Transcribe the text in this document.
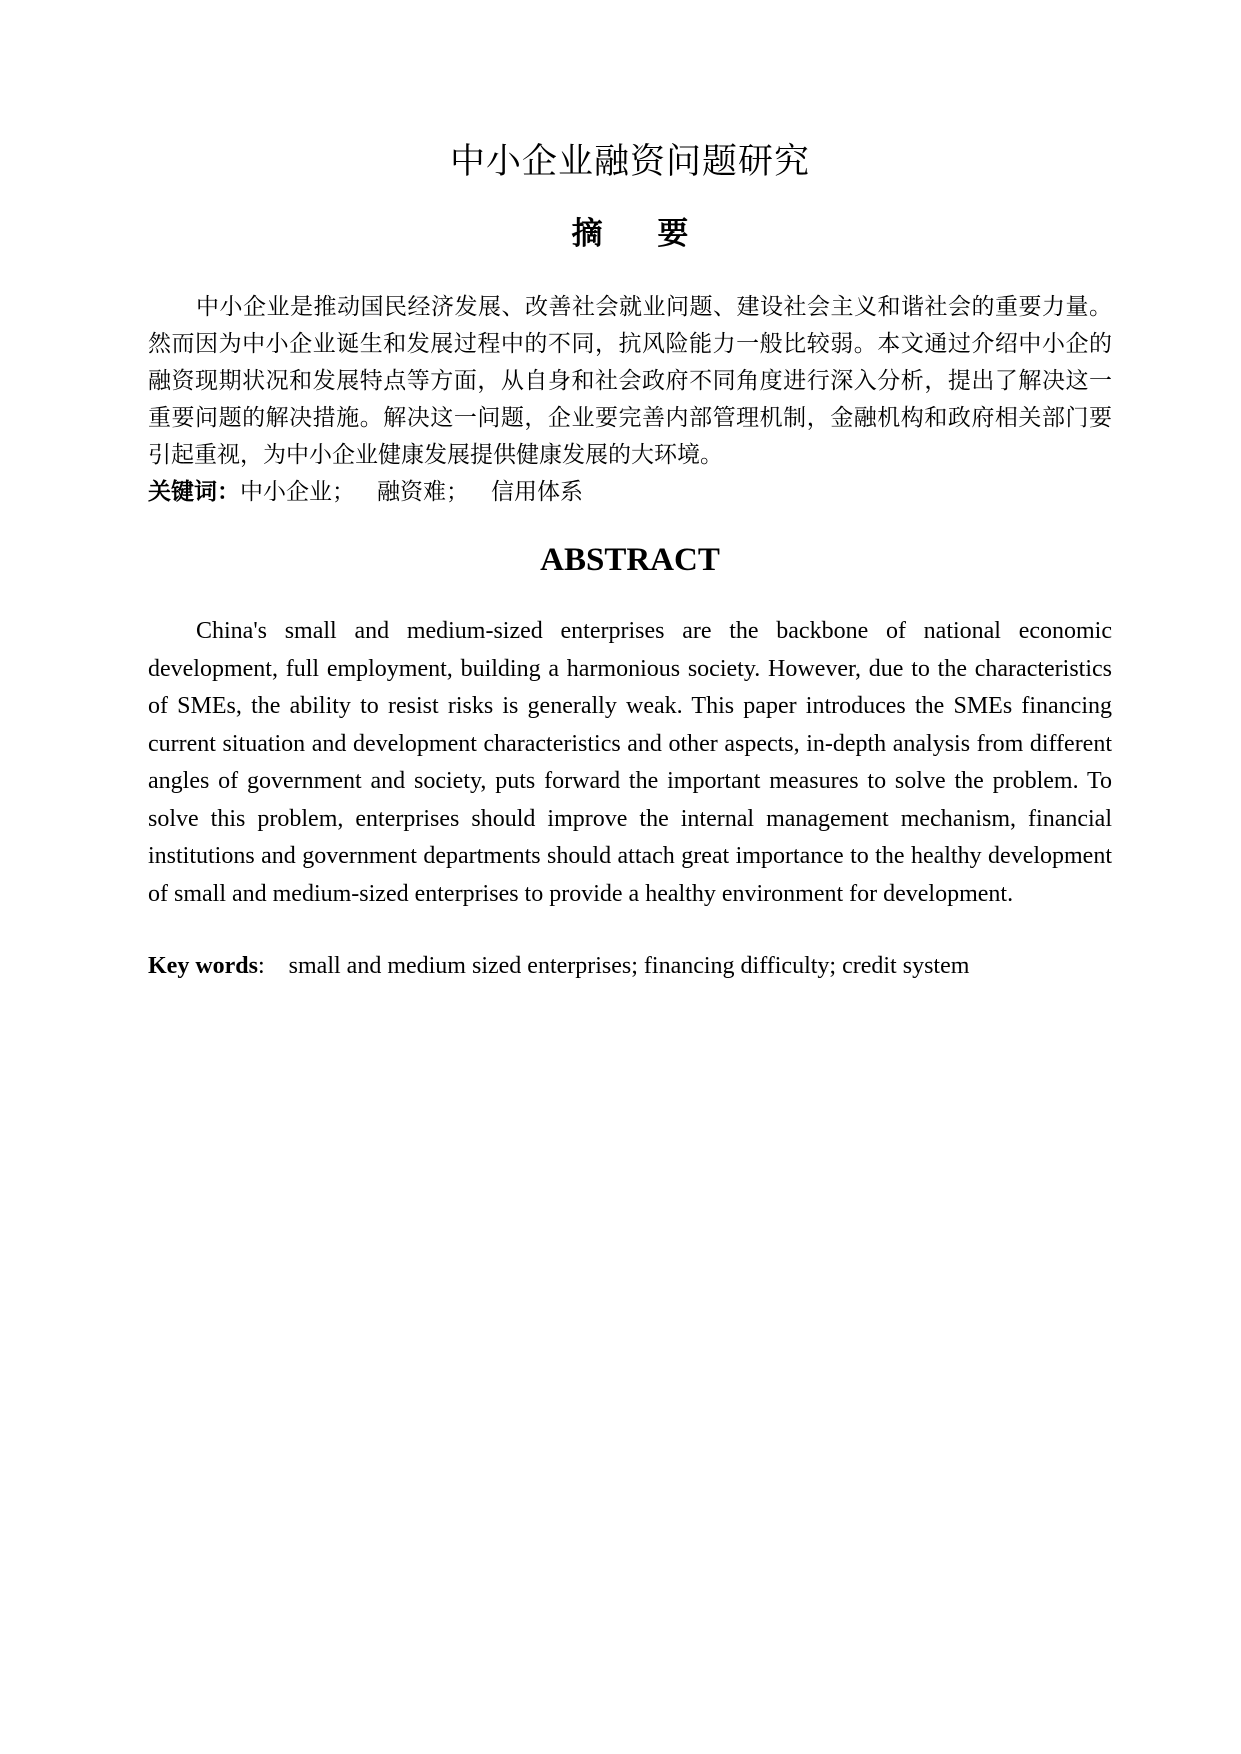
中小企业融资问题研究
摘 要

中小企业是推动国民经济发展、改善社会就业问题、建设社会主义和谐社会的重要力量。然而因为中小企业诞生和发展过程中的不同，抗风险能力一般比较弱。本文通过介绍中小企的融资现期状况和发展特点等方面，从自身和社会政府不同角度进行深入分析，提出了解决这一重要问题的解决措施。解决这一问题，企业要完善内部管理机制，金融机构和政府相关部门要引起重视，为中小企业健康发展提供健康发展的大环境。

关键词：中小企业； 融资难； 信用体系

ABSTRACT

China's small and medium-sized enterprises are the backbone of national economic development, full employment, building a harmonious society. However, due to the characteristics of SMEs, the ability to resist risks is generally weak. This paper introduces the SMEs financing current situation and development characteristics and other aspects, in-depth analysis from different angles of government and society, puts forward the important measures to solve the problem. To solve this problem, enterprises should improve the internal management mechanism, financial institutions and government departments should attach great importance to the healthy development of small and medium-sized enterprises to provide a healthy environment for development.

Key words: small and medium sized enterprises; financing difficulty; credit system
